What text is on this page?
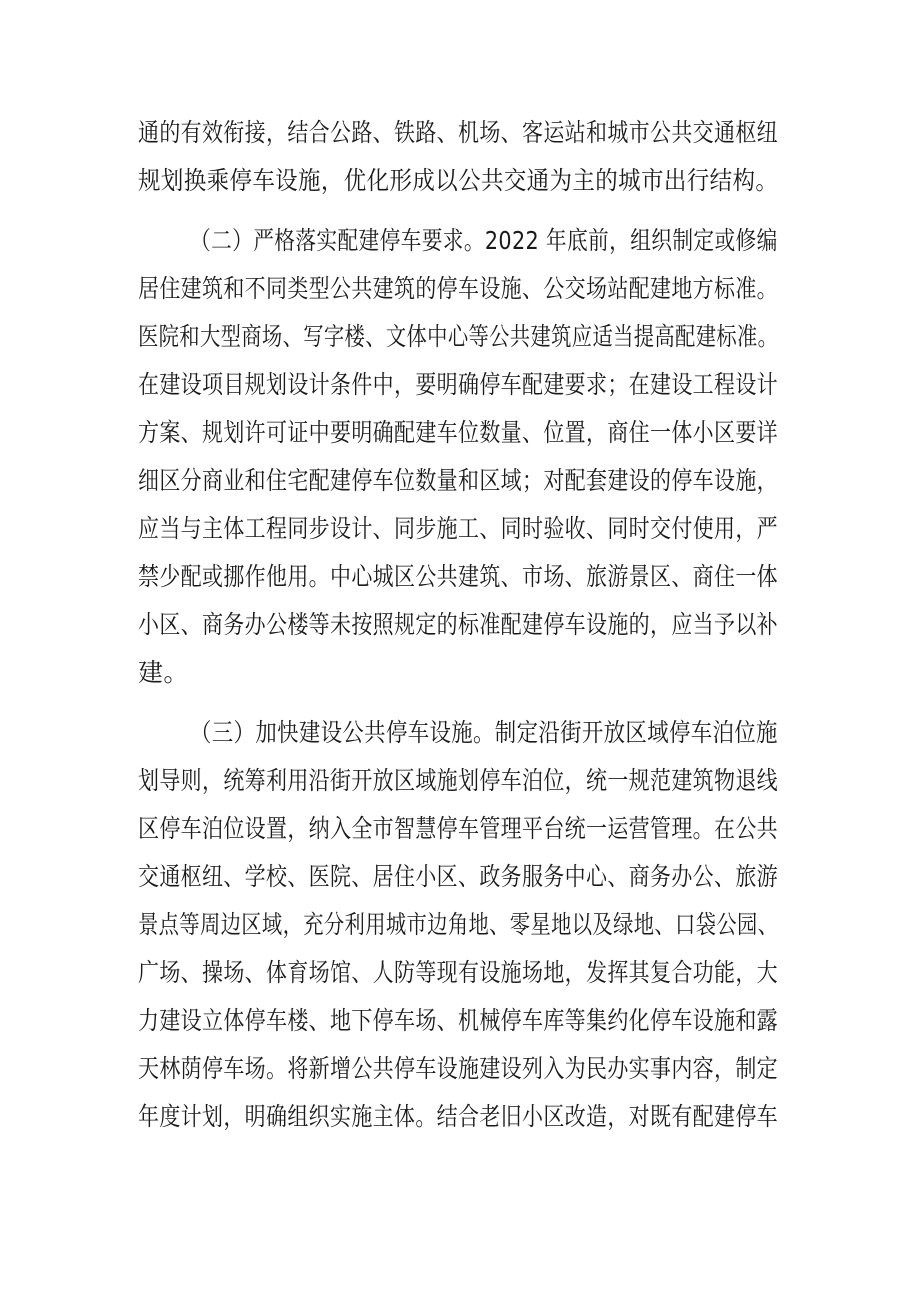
通的有效衔接，结合公路、铁路、机场、客运站和城市公共交通枢纽
规划换乘停车设施，优化形成以公共交通为主的城市出行结构。
（二）严格落实配建停车要求。2022 年底前，组织制定或修编
居住建筑和不同类型公共建筑的停车设施、公交场站配建地方标准。
医院和大型商场、写字楼、文体中心等公共建筑应适当提高配建标准。
在建设项目规划设计条件中，要明确停车配建要求；在建设工程设计
方案、规划许可证中要明确配建车位数量、位置，商住一体小区要详
细区分商业和住宅配建停车位数量和区域；对配套建设的停车设施，
应当与主体工程同步设计、同步施工、同时验收、同时交付使用，严
禁少配或挪作他用。中心城区公共建筑、市场、旅游景区、商住一体
小区、商务办公楼等未按照规定的标准配建停车设施的，应当予以补
建。
（三）加快建设公共停车设施。制定沿街开放区域停车泊位施
划导则，统筹利用沿街开放区域施划停车泊位，统一规范建筑物退线
区停车泊位设置，纳入全市智慧停车管理平台统一运营管理。在公共
交通枢纽、学校、医院、居住小区、政务服务中心、商务办公、旅游
景点等周边区域，充分利用城市边角地、零星地以及绿地、口袋公园、
广场、操场、体育场馆、人防等现有设施场地，发挥其复合功能，大
力建设立体停车楼、地下停车场、机械停车库等集约化停车设施和露
天林荫停车场。将新增公共停车设施建设列入为民办实事内容，制定
年度计划，明确组织实施主体。结合老旧小区改造，对既有配建停车
